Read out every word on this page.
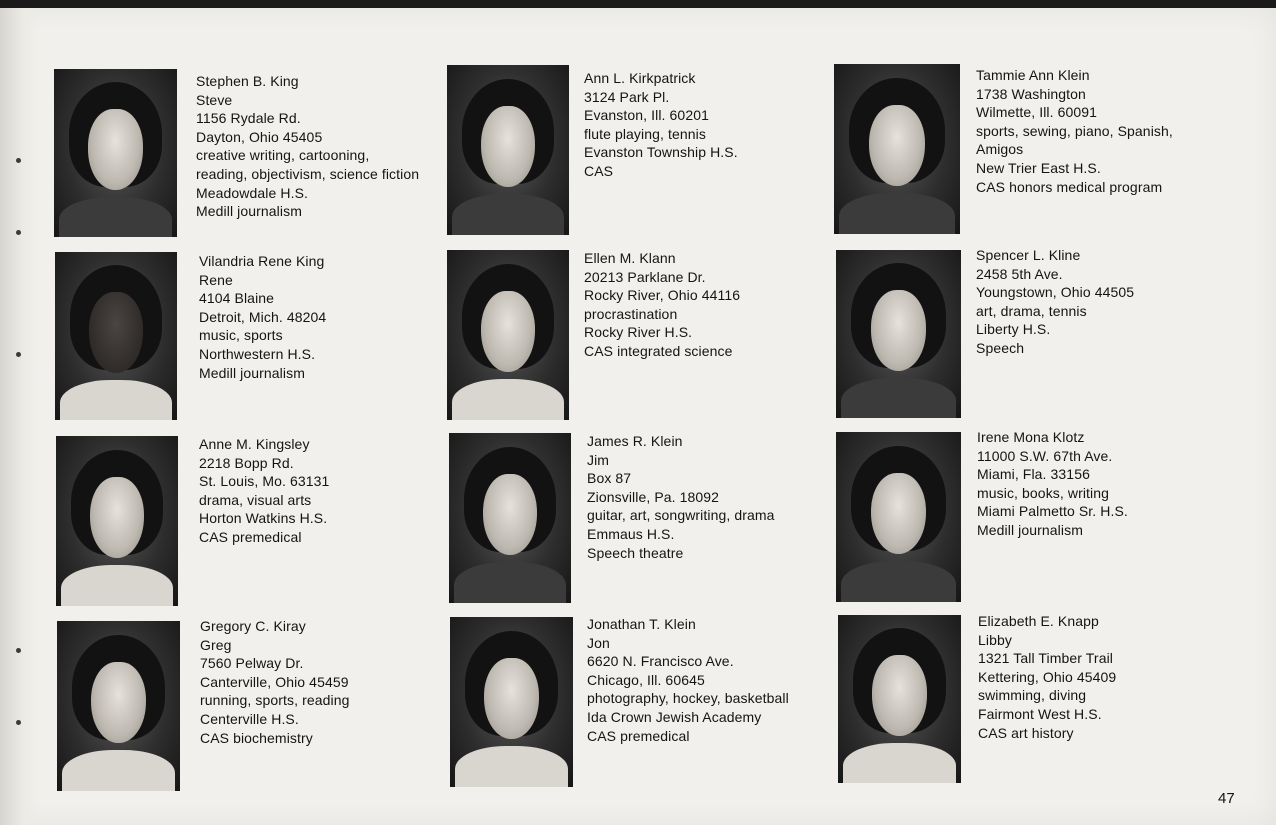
Stephen B. King
Steve
1156 Rydale Rd.
Dayton, Ohio 45405
creative writing, cartooning,
reading, objectivism, science fiction
Meadowdale H.S.
Medill journalism
Vilandria Rene King
Rene
4104 Blaine
Detroit, Mich. 48204
music, sports
Northwestern H.S.
Medill journalism
Anne M. Kingsley
2218 Bopp Rd.
St. Louis, Mo. 63131
drama, visual arts
Horton Watkins H.S.
CAS premedical
Gregory C. Kiray
Greg
7560 Pelway Dr.
Canterville, Ohio 45459
running, sports, reading
Centerville H.S.
CAS biochemistry
Ann L. Kirkpatrick
3124 Park Pl.
Evanston, Ill. 60201
flute playing, tennis
Evanston Township H.S.
CAS
Ellen M. Klann
20213 Parklane Dr.
Rocky River, Ohio 44116
procrastination
Rocky River H.S.
CAS integrated science
James R. Klein
Jim
Box 87
Zionsville, Pa. 18092
guitar, art, songwriting, drama
Emmaus H.S.
Speech theatre
Jonathan T. Klein
Jon
6620 N. Francisco Ave.
Chicago, Ill. 60645
photography, hockey, basketball
Ida Crown Jewish Academy
CAS premedical
Tammie Ann Klein
1738 Washington
Wilmette, Ill. 60091
sports, sewing, piano, Spanish,
Amigos
New Trier East H.S.
CAS honors medical program
Spencer L. Kline
2458 5th Ave.
Youngstown, Ohio 44505
art, drama, tennis
Liberty H.S.
Speech
Irene Mona Klotz
11000 S.W. 67th Ave.
Miami, Fla. 33156
music, books, writing
Miami Palmetto Sr. H.S.
Medill journalism
Elizabeth E. Knapp
Libby
1321 Tall Timber Trail
Kettering, Ohio 45409
swimming, diving
Fairmont West H.S.
CAS art history
47
